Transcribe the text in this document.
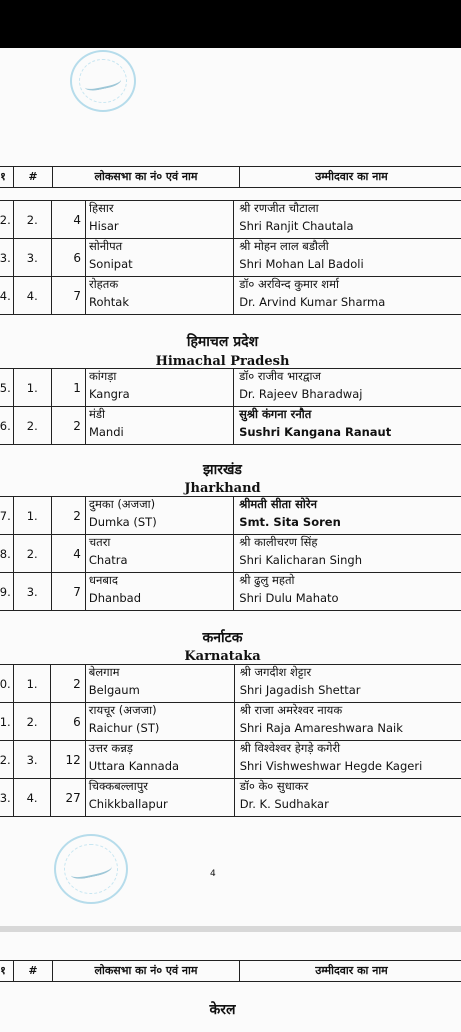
१	#	लोकसभा का नं० एवं नाम	उम्मीदवार का नाम
2.	2.	4	हिसार
Hisar	श्री रणजीत चौटाला
Shri Ranjit Chautala

3.	3.	6	सोनीपत
Sonipat	श्री मोहन लाल बडौली
Shri Mohan Lal Badoli

4.	4.	7	रोहतक
Rohtak	डॉ० अरविन्द कुमार शर्मा
Dr. Arvind Kumar Sharma
हिमाचल प्रदेश
Himachal Pradesh
5.	1.	1	कांगड़ा
Kangra	डॉ० राजीव भारद्वाज
Dr. Rajeev Bharadwaj

6.	2.	2	मंडी
Mandi	सुश्री कंगना रनौत
Sushri Kangana Ranaut
झारखंड
Jharkhand
7.	1.	2	दुमका (अजजा)
Dumka (ST)	श्रीमती सीता सोरेन
Smt. Sita Soren

8.	2.	4	चतरा
Chatra	श्री कालीचरण सिंह
Shri Kalicharan Singh

9.	3.	7	धनबाद
Dhanbad	श्री ढुलु महतो
Shri Dulu Mahato
कर्नाटक
Karnataka
0.	1.	2	बेलगाम
Belgaum	श्री जगदीश शेट्टार
Shri Jagadish Shettar

1.	2.	6	रायचूर (अजजा)
Raichur (ST)	श्री राजा अमरेश्वर नायक
Shri Raja Amareshwara Naik

2.	3.	12	उत्तर कन्नड़
Uttara Kannada	श्री विश्वेश्वर हेगड़े कगेरी
Shri Vishweshwar Hegde Kageri

3.	4.	27	चिक्कबल्लापुर
Chikkballapur	डॉ० के० सुधाकर
Dr. K. Sudhakar
4
१	#	लोकसभा का नं० एवं नाम	उम्मीदवार का नाम
केरल
